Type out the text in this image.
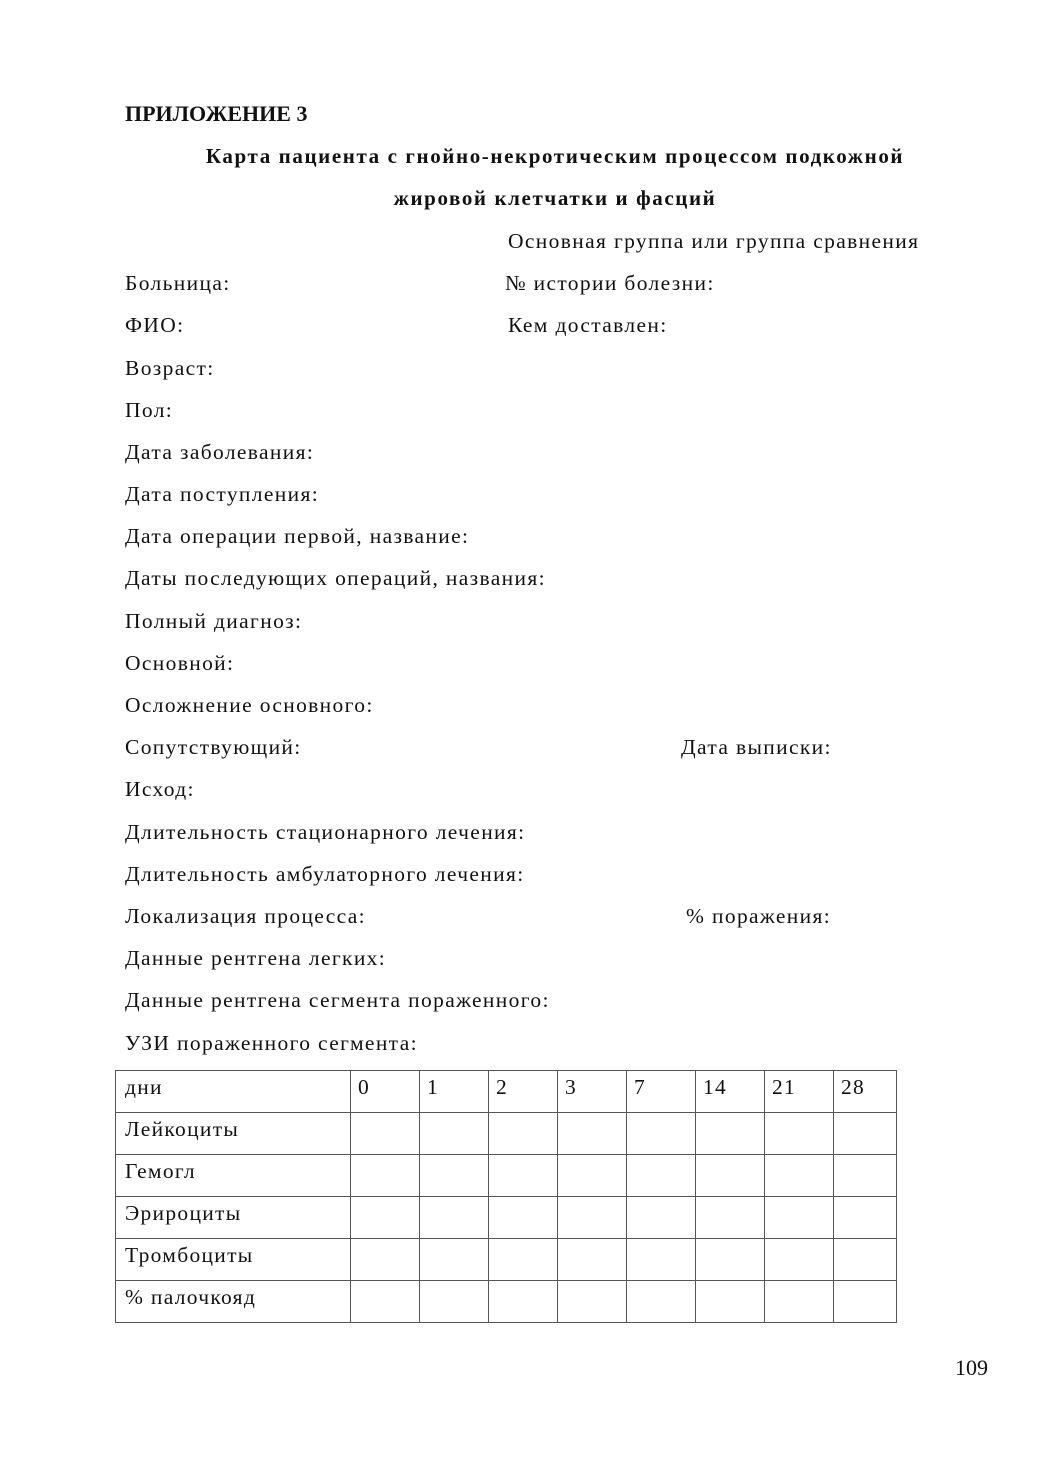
ПРИЛОЖЕНИЕ 3
Карта пациента с гнойно-некротическим процессом подкожной
жировой клетчатки и фасций
Основная группа или группа сравнения
Больница:	№ истории болезни:
ФИО:	Кем доставлен:
Возраст:
Пол:
Дата заболевания:
Дата поступления:
Дата операции первой, название:
Даты последующих операций, названия:
Полный диагноз:
Основной:
Осложнение основного:
Сопутствующий:	Дата выписки:
Исход:
Длительность стационарного лечения:
Длительность амбулаторного лечения:
Локализация процесса:	% поражения:
Данные рентгена легких:
Данные рентгена сегмента пораженного:
УЗИ пораженного сегмента:
дни	0	1	2	3	7	14	21	28
Лейкоциты								
Гемогл								
Эрироциты								
Тромбоциты								
% палочкояд								
109
